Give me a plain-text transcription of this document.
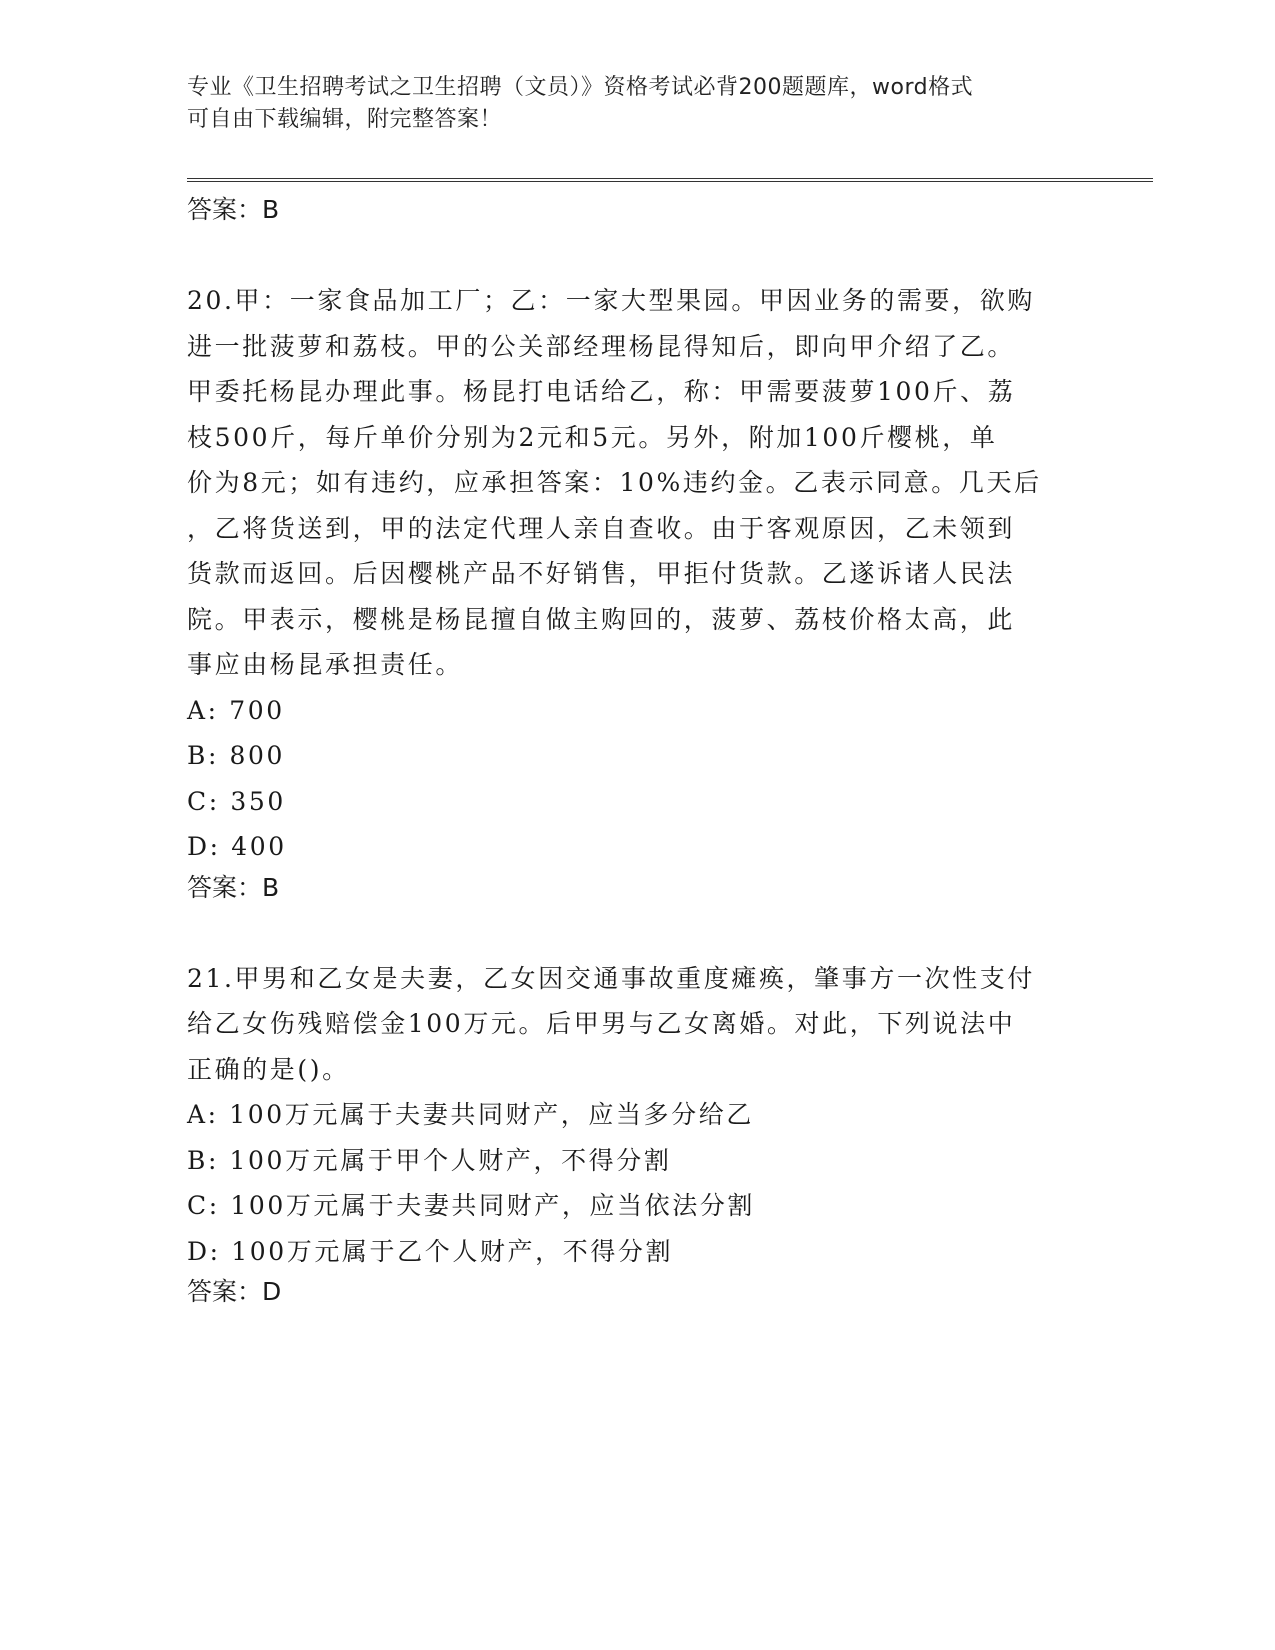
专业《卫生招聘考试之卫生招聘（文员）》资格考试必背200题题库，word格式
可自由下载编辑，附完整答案！

答案：B

20.甲：一家食品加工厂；乙：一家大型果园。甲因业务的需要，欲购

进一批菠萝和荔枝。甲的公关部经理杨昆得知后，即向甲介绍了乙。

甲委托杨昆办理此事。杨昆打电话给乙，称：甲需要菠萝100斤、荔

枝500斤，每斤单价分别为2元和5元。另外，附加100斤樱桃，单

价为8元；如有违约，应承担答案：10%违约金。乙表示同意。几天后

，乙将货送到，甲的法定代理人亲自查收。由于客观原因，乙未领到

货款而返回。后因樱桃产品不好销售，甲拒付货款。乙遂诉诸人民法

院。甲表示，樱桃是杨昆擅自做主购回的，菠萝、荔枝价格太高，此

事应由杨昆承担责任。

A: 700

B: 800

C: 350

D: 400

答案：B

21.甲男和乙女是夫妻，乙女因交通事故重度瘫痪，肇事方一次性支付

给乙女伤残赔偿金100万元。后甲男与乙女离婚。对此，下列说法中

正确的是()。

A: 100万元属于夫妻共同财产，应当多分给乙

B: 100万元属于甲个人财产，不得分割

C: 100万元属于夫妻共同财产，应当依法分割

D: 100万元属于乙个人财产，不得分割

答案：D
